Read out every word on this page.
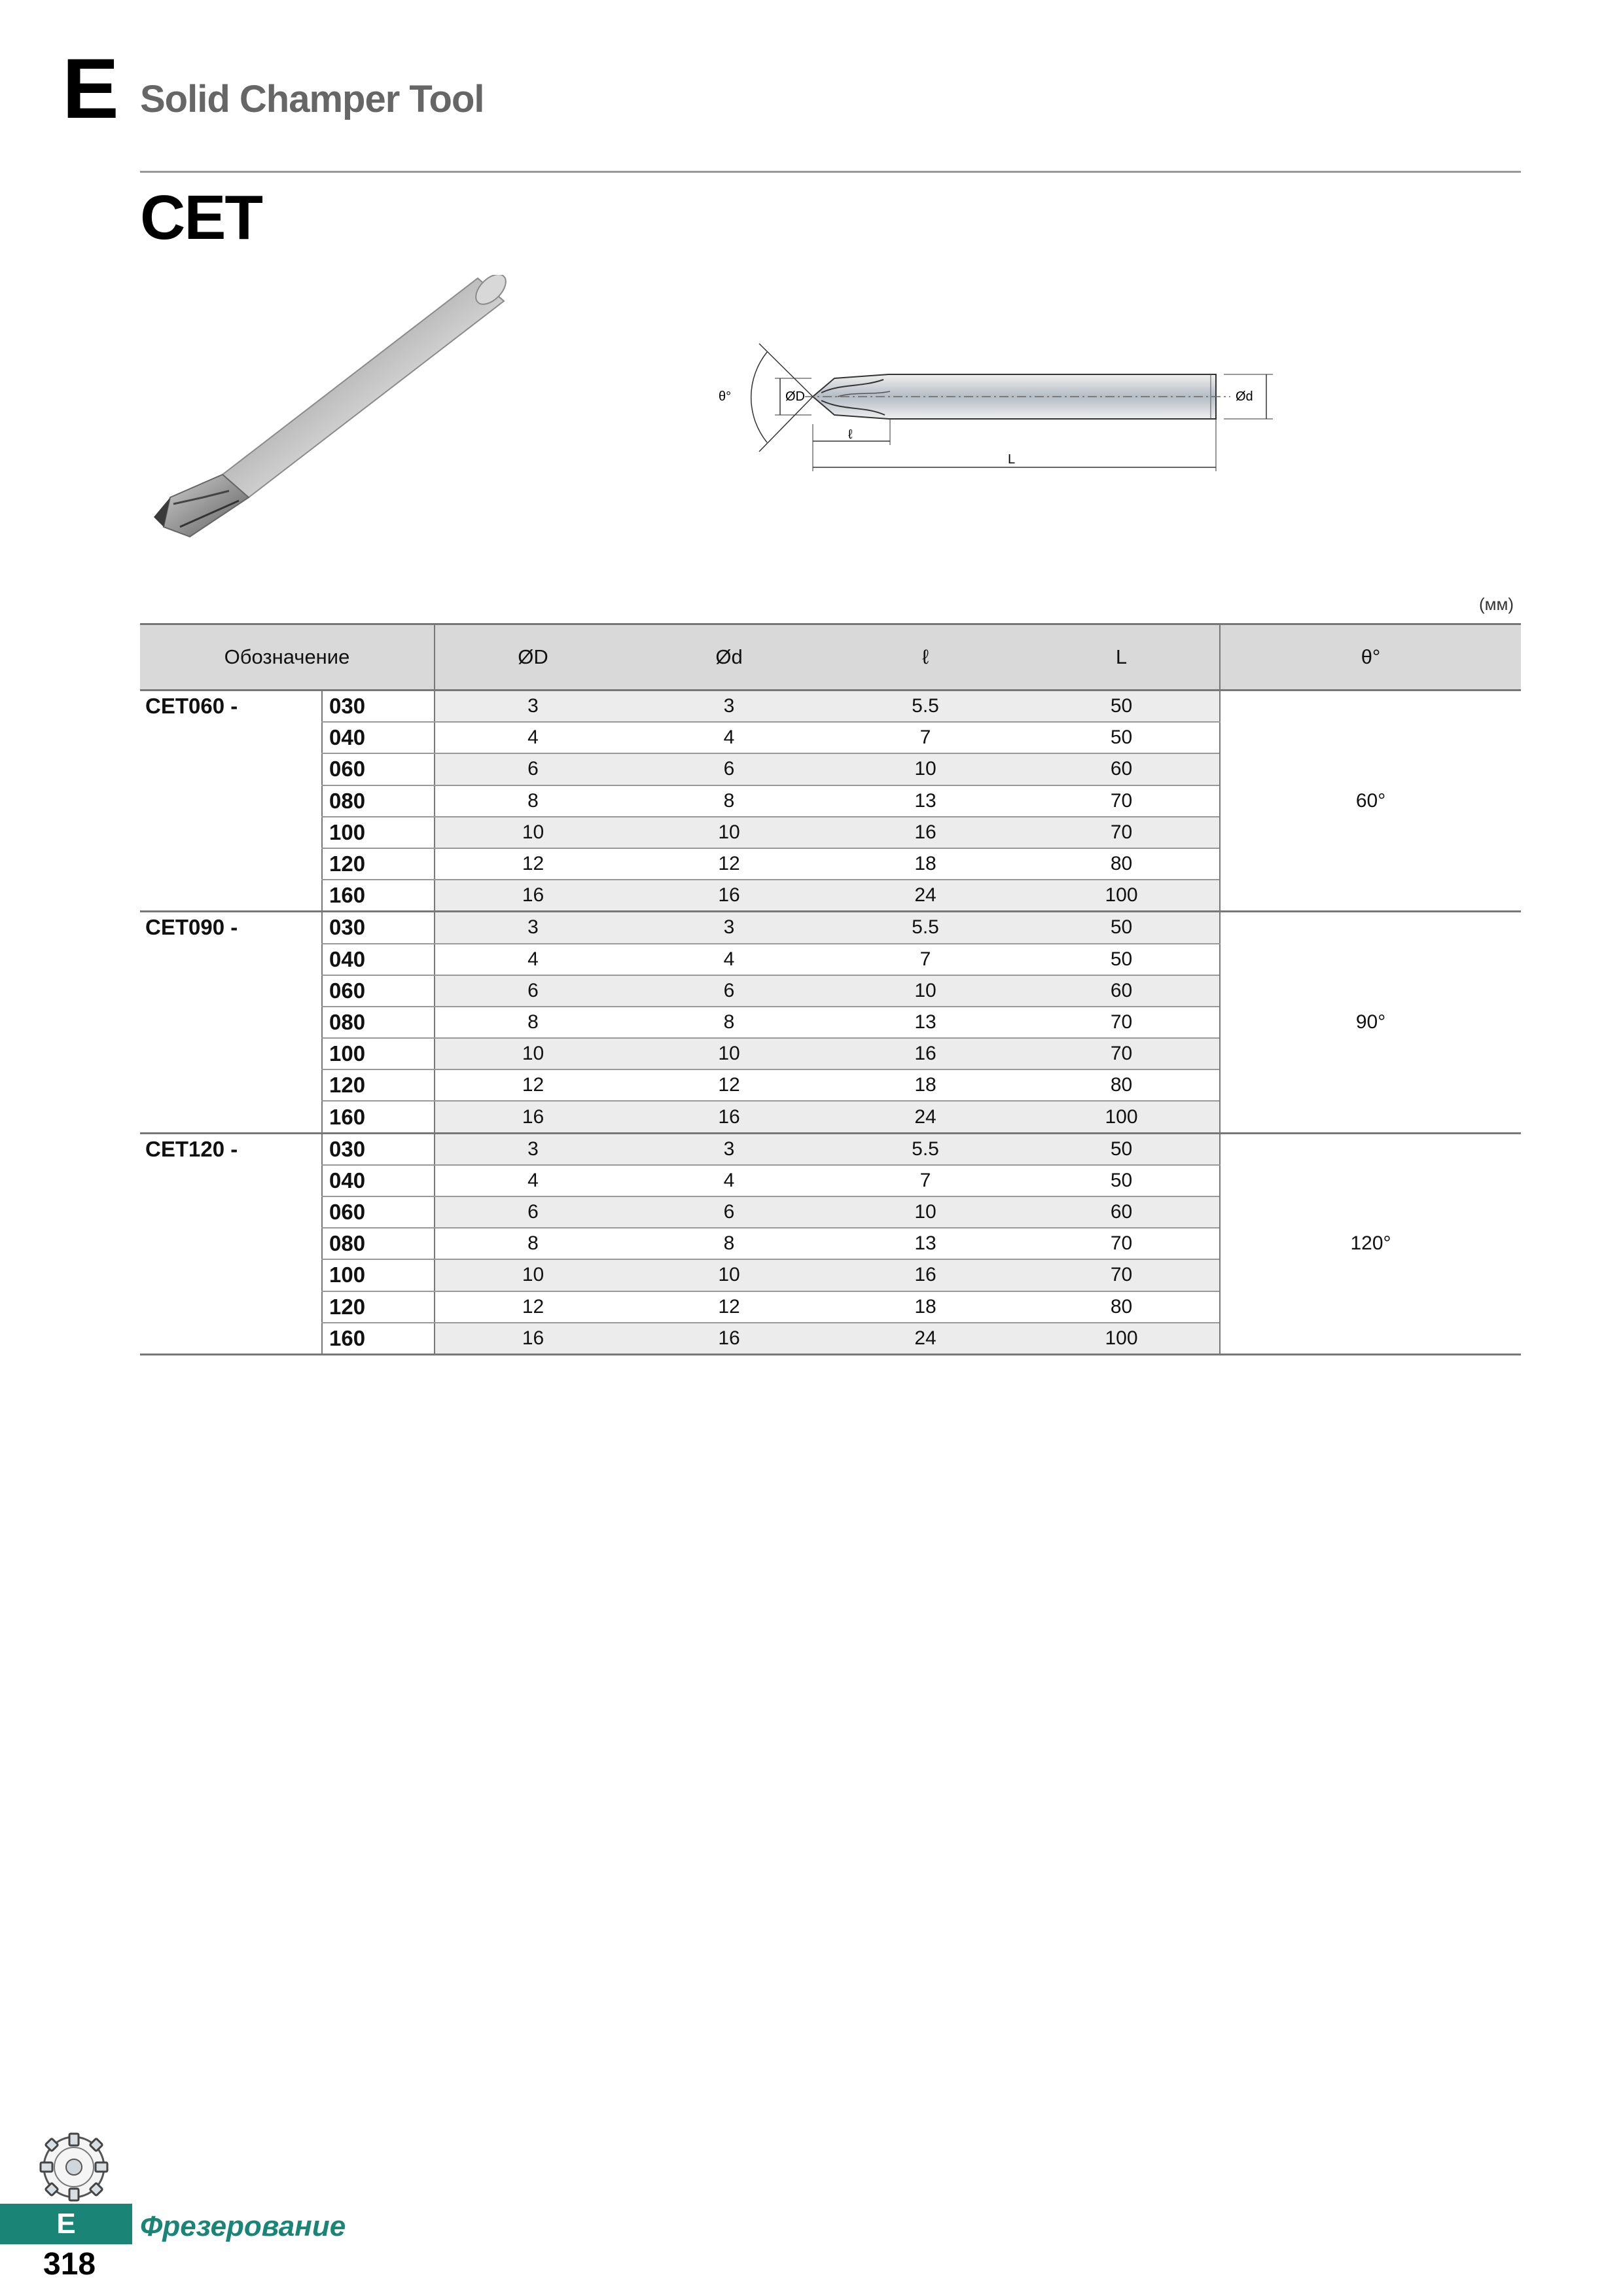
E Solid Champer Tool
CET
θ°	ØD	Ød
ℓ
L
(мм)
Обозначение		ØD	Ød	ℓ	L	θ°
CET060 -	030	3	3	5.5	50	60°
	040	4	4	7	50	
	060	6	6	10	60	
	080	8	8	13	70	
	100	10	10	16	70	
	120	12	12	18	80	
	160	16	16	24	100	
CET090 -	030	3	3	5.5	50	90°
	040	4	4	7	50	
	060	6	6	10	60	
	080	8	8	13	70	
	100	10	10	16	70	
	120	12	12	18	80	
	160	16	16	24	100	
CET120 -	030	3	3	5.5	50	120°
	040	4	4	7	50	
	060	6	6	10	60	
	080	8	8	13	70	
	100	10	10	16	70	
	120	12	12	18	80	
	160	16	16	24	100	
E	Фрезерование
318
